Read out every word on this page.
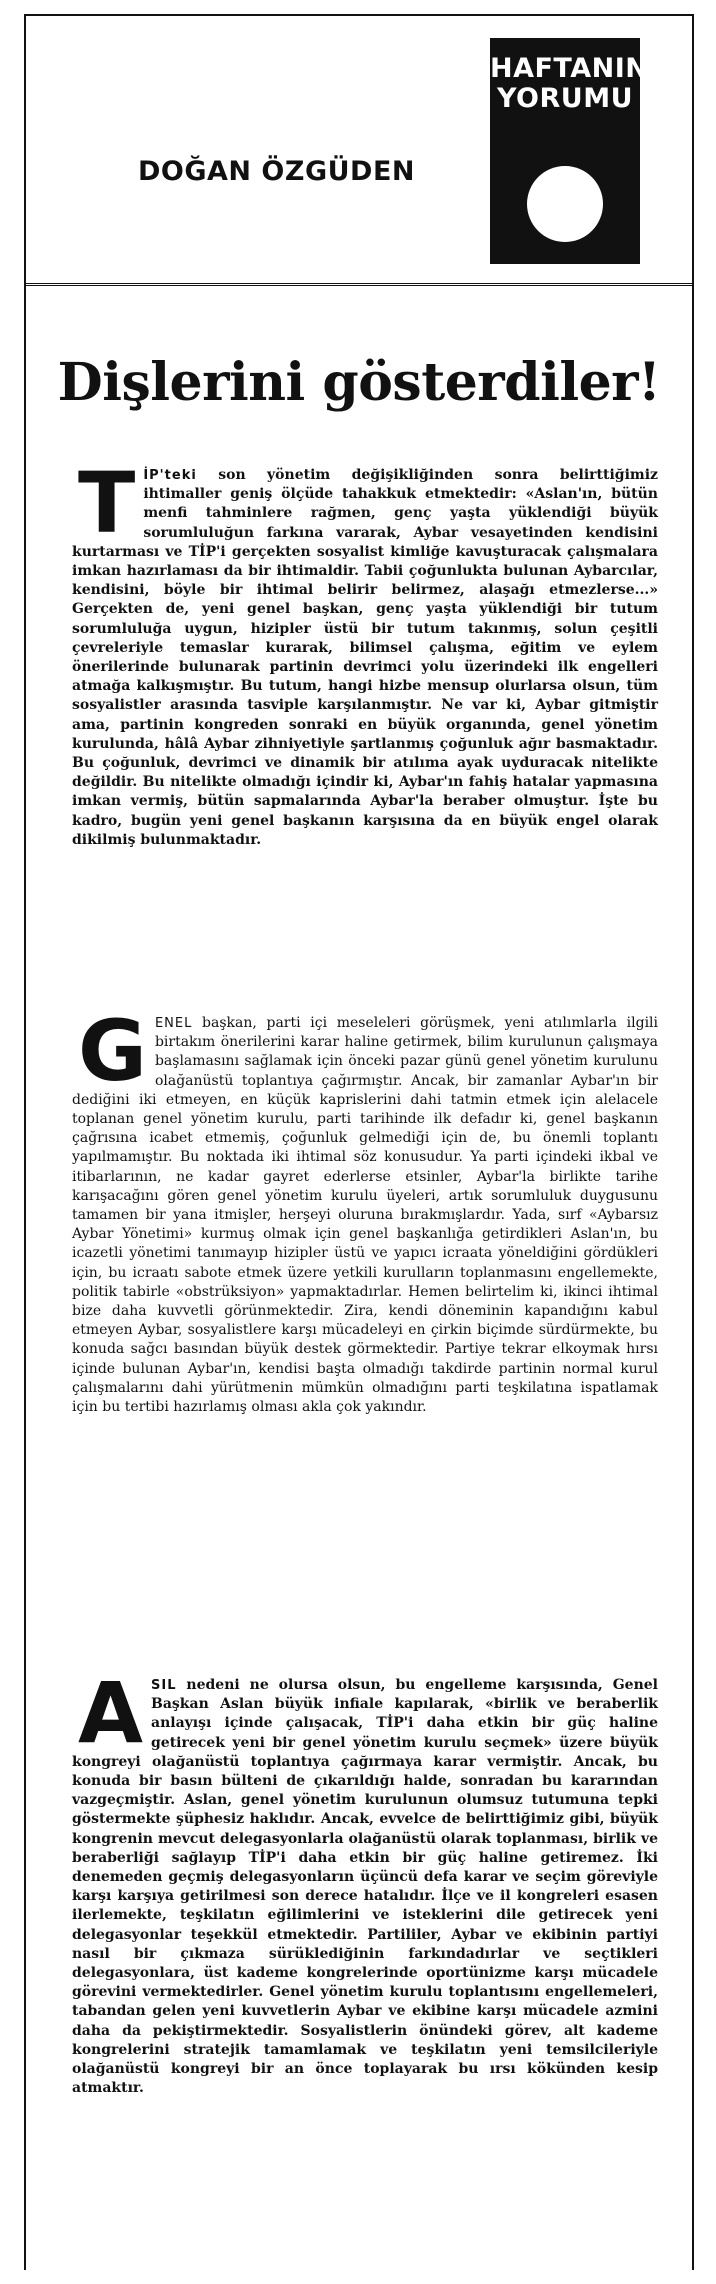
DOĞAN ÖZGÜDEN
HAFTANIN
YORUMU
Dişlerini gösterdiler!

T İP'teki son yönetim değişikliğinden sonra belirttiğimiz ihtimaller geniş ölçüde tahakkuk etmektedir: «Aslan'ın, bütün menfi tahminlere rağmen, genç yaşta yüklendiği büyük sorumluluğun farkına vararak, Aybar vesayetinden kendisini kurtarması ve TİP'i gerçekten sosyalist kimliğe kavuşturacak çalışmalara imkan hazırlaması da bir ihtimaldir. Tabii çoğunlukta bulunan Aybarcılar, kendisini, böyle bir ihtimal belirir belirmez, alaşağı etmezlerse...» Gerçekten de, yeni genel başkan, genç yaşta yüklendiği bir tutum sorumluluğa uygun, hizipler üstü bir tutum takınmış, solun çeşitli çevreleriyle temaslar kurarak, bilimsel çalışma, eğitim ve eylem önerilerinde bulunarak partinin devrimci yolu üzerindeki ilk engelleri atmağa kalkışmıştır. Bu tutum, hangi hizbe mensup olurlarsa olsun, tüm sosyalistler arasında tasviple karşılanmıştır. Ne var ki, Aybar gitmiştir ama, partinin kongreden sonraki en büyük organında, genel yönetim kurulunda, hâlâ Aybar zihniyetiyle şartlanmış çoğunluk ağır basmaktadır. Bu çoğunluk, devrimci ve dinamik bir atılıma ayak uyduracak nitelikte değildir. Bu nitelikte olmadığı içindir ki, Aybar'ın fahiş hatalar yapmasına imkan vermiş, bütün sapmalarında Aybar'la beraber olmuştur. İşte bu kadro, bugün yeni genel başkanın karşısına da en büyük engel olarak dikilmiş bulunmaktadır.

G ENEL başkan, parti içi meseleleri görüşmek, yeni atılımlarla ilgili birtakım önerilerini karar haline getirmek, bilim kurulunun çalışmaya başlamasını sağlamak için önceki pazar günü genel yönetim kurulunu olağanüstü toplantıya çağırmıştır. Ancak, bir zamanlar Aybar'ın bir dediğini iki etmeyen, en küçük kaprislerini dahi tatmin etmek için alelacele toplanan genel yönetim kurulu, parti tarihinde ilk defadır ki, genel başkanın çağrısına icabet etmemiş, çoğunluk gelmediği için de, bu önemli toplantı yapılmamıştır. Bu noktada iki ihtimal söz konusudur. Ya parti içindeki ikbal ve itibarlarının, ne kadar gayret ederlerse etsinler, Aybar'la birlikte tarihe karışacağını gören genel yönetim kurulu üyeleri, artık sorumluluk duygusunu tamamen bir yana itmişler, herşeyi oluruna bırakmışlardır. Yada, sırf «Aybarsız Aybar Yönetimi» kurmuş olmak için genel başkanlığa getirdikleri Aslan'ın, bu icazetli yönetimi tanımayıp hizipler üstü ve yapıcı icraata yöneldiğini gördükleri için, bu icraatı sabote etmek üzere yetkili kurulların toplanmasını engellemekte, politik tabirle «obstrüksiyon» yapmaktadırlar. Hemen belirtelim ki, ikinci ihtimal bize daha kuvvetli görünmektedir. Zira, kendi döneminin kapandığını kabul etmeyen Aybar, sosyalistlere karşı mücadeleyi en çirkin biçimde sürdürmekte, bu konuda sağcı basından büyük destek görmektedir. Partiye tekrar elkoymak hırsı içinde bulunan Aybar'ın, kendisi başta olmadığı takdirde partinin normal kurul çalışmalarını dahi yürütmenin mümkün olmadığını parti teşkilatına ispatlamak için bu tertibi hazırlamış olması akla çok yakındır.

A SIL nedeni ne olursa olsun, bu engelleme karşısında, Genel Başkan Aslan büyük infiale kapılarak, «birlik ve beraberlik anlayışı içinde çalışacak, TİP'i daha etkin bir güç haline getirecek yeni bir genel yönetim kurulu seçmek» üzere büyük kongreyi olağanüstü toplantıya çağırmaya karar vermiştir. Ancak, bu konuda bir basın bülteni de çıkarıldığı halde, sonradan bu kararından vazgeçmiştir. Aslan, genel yönetim kurulunun olumsuz tutumuna tepki göstermekte şüphesiz haklıdır. Ancak, evvelce de belirttiğimiz gibi, büyük kongrenin mevcut delegasyonlarla olağanüstü olarak toplanması, birlik ve beraberliği sağlayıp TİP'i daha etkin bir güç haline getiremez. İki denemeden geçmiş delegasyonların üçüncü defa karar ve seçim göreviyle karşı karşıya getirilmesi son derece hatalıdır. İlçe ve il kongreleri esasen ilerlemekte, teşkilatın eğilimlerini ve isteklerini dile getirecek yeni delegasyonlar teşekkül etmektedir. Partililer, Aybar ve ekibinin partiyi nasıl bir çıkmaza sürüklediğinin farkındadırlar ve seçtikleri delegasyonlara, üst kademe kongrelerinde oportünizme karşı mücadele görevini vermektedirler. Genel yönetim kurulu toplantısını engellemeleri, tabandan gelen yeni kuvvetlerin Aybar ve ekibine karşı mücadele azmini daha da pekiştirmektedir. Sosyalistlerin önündeki görev, alt kademe kongrelerini stratejik tamamlamak ve teşkilatın yeni temsilcileriyle olağanüstü kongreyi bir an önce toplayarak bu ırsı kökünden kesip atmaktır.
